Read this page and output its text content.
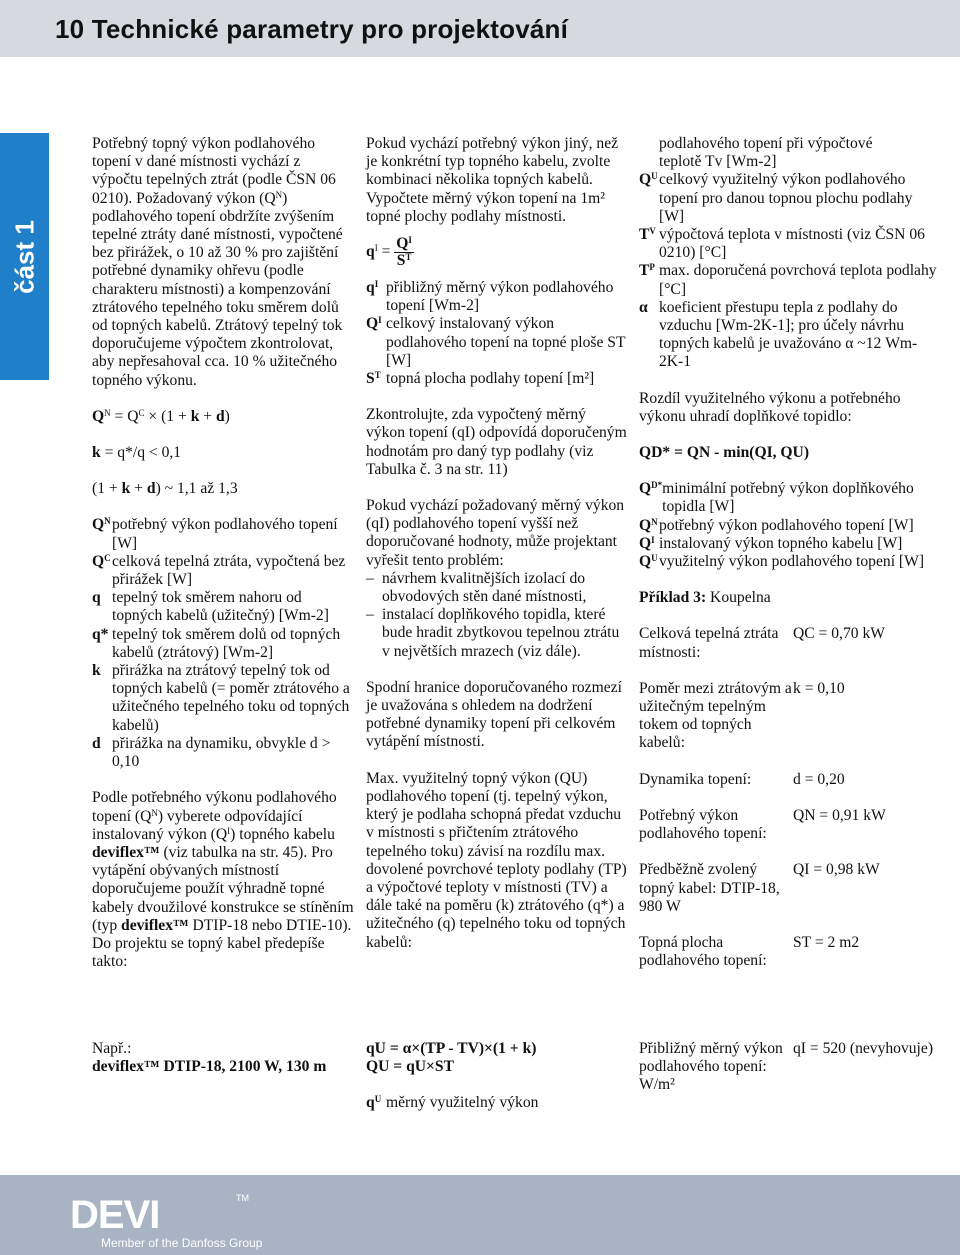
10 Technické parametry pro projektování
část 1

Potřebný topný výkon podlahového topení v dané místnosti vychází z výpočtu tepelných ztrát (podle ČSN 06 0210). Požadovaný výkon $(Q^N)$ podlahového topení obdržíte zvýšením tepelné ztráty dané místnosti, vypočtené bez přirážek, o 10 až 30 % pro zajištění potřebné dynamiky ohřevu (podle charakteru místnosti) a kompenzování ztrátového tepelného toku směrem dolů od topných kabelů. Ztrátový tepelný tok doporučujeme výpočtem zkontrolovat, aby nepřesahoval cca. 10 % užitečného topného výkonu.

$Q^N = Q^C \times (1 + k + d)$

k = q*/q < 0,1

(1 + k + d) ~ 1,1 až 1,3

$Q^N$ potřebný výkon podlahového topení [W]
$Q^C$ celková tepelná ztráta, vypočtená bez přirážek [W]
q tepelný tok směrem nahoru od topných kabelů (užitečný) [Wm-2]
q* tepelný tok směrem dolů od topných kabelů (ztrátový) [Wm-2]
k přirážka na ztrátový tepelný tok od topných kabelů (= poměr ztrátového a užitečného tepelného toku od topných kabelů)
d přirážka na dynamiku, obvykle d > 0,10

Podle potřebného výkonu podlahového topení $(Q^N)$ vyberete odpovídající instalovaný výkon $(Q^I)$ topného kabelu deviflex™ (viz tabulka na str. 45). Pro vytápění obývaných místností doporučujeme použít výhradně topné kabely dvoužilové konstrukce se stíněním (typ deviflex™ DTIP-18 nebo DTIE-10).

Do projektu se topný kabel předepíše takto:

Pokud vychází potřebný výkon jiný, než je konkrétní typ topného kabelu, zvolte kombinaci několika topných kabelů.

Vypočtete měrný výkon topení na 1m² topné plochy podlahy místnosti.

$q^I = \frac{Q^I}{S^T}$

$q^I$ přibližný měrný výkon podlahového topení [Wm-2]
$Q^I$ celkový instalovaný výkon podlahového topení na topné ploše ST [W]
$S^T$ topná plocha podlahy topení [m²]

Zkontrolujte, zda vypočtený měrný výkon topení (qI) odpovídá doporučeným hodnotám pro daný typ podlahy (viz Tabulka č. 3 na str. 11)

Pokud vychází požadovaný měrný výkon (qI) podlahového topení vyšší než doporučované hodnoty, může projektant vyřešit tento problém:

– návrhem kvalitnějších izolací do obvodových stěn dané místnosti,
– instalací doplňkového topidla, které bude hradit zbytkovou tepelnou ztrátu v největších mrazech (viz dále).

Spodní hranice doporučovaného rozmezí je uvažována s ohledem na dodržení potřebné dynamiky topení při celkovém vytápění místnosti.

Max. využitelný topný výkon (QU) podlahového topení (tj. tepelný výkon, který je podlaha schopná předat vzduchu v místnosti s přičtením ztrátového tepelného toku) závisí na rozdílu max. dovolené povrchové teploty podlahy (TP) a výpočtové teploty v místnosti (TV) a dále také na poměru (k) ztrátového (q*) a užitečného (q) tepelného toku od topných kabelů:

podlahového topení při výpočtové
teplotě Tv [Wm-2]
$Q^U$ celkový využitelný výkon podlahového topení pro danou topnou plochu podlahy [W]
$T^V$ výpočtová teplota v místnosti (viz ČSN 06 0210) [°C]
$T^P$ max. doporučená povrchová teplota podlahy [°C]
α koeficient přestupu tepla z podlahy do vzduchu [Wm-2K-1]; pro účely návrhu topných kabelů je uvažováno α ~12 Wm-2K-1

Rozdíl využitelného výkonu a potřebného výkonu uhradí doplňkové topidlo:

QD* = QN - min(QI, QU)

$Q^{D*}$ minimální potřebný výkon doplňkového topidla [W]
$Q^N$ potřebný výkon podlahového topení [W]
$Q^I$ instalovaný výkon topného kabelu [W]
$Q^U$ využitelný výkon podlahového topení [W]

Příklad 3: Koupelna

Celková tepelná ztráta místnosti:
QC = 0,70 kW
Poměr mezi ztrátovým a užitečným tepelným tokem od topných kabelů:
k = 0,10
Dynamika topení:	d = 0,20
Potřebný výkon podlahového topení:
QN = 0,91 kW
Předběžně zvolený topný kabel: DTIP-18, 980 W
QI = 0,98 kW
Topná plocha podlahového topení:
ST = 2 m2
Např.:
deviflex™ DTIP-18, 2100 W, 130 m
qU = α×(TP - TV)×(1 + k)
QU = qU×ST
$q^U$ měrný využitelný výkon
Přibližný měrný výkon podlahového topení: W/m²
qI = 520 (nevyhovuje)
DEVI	TM
Member of the Danfoss Group
